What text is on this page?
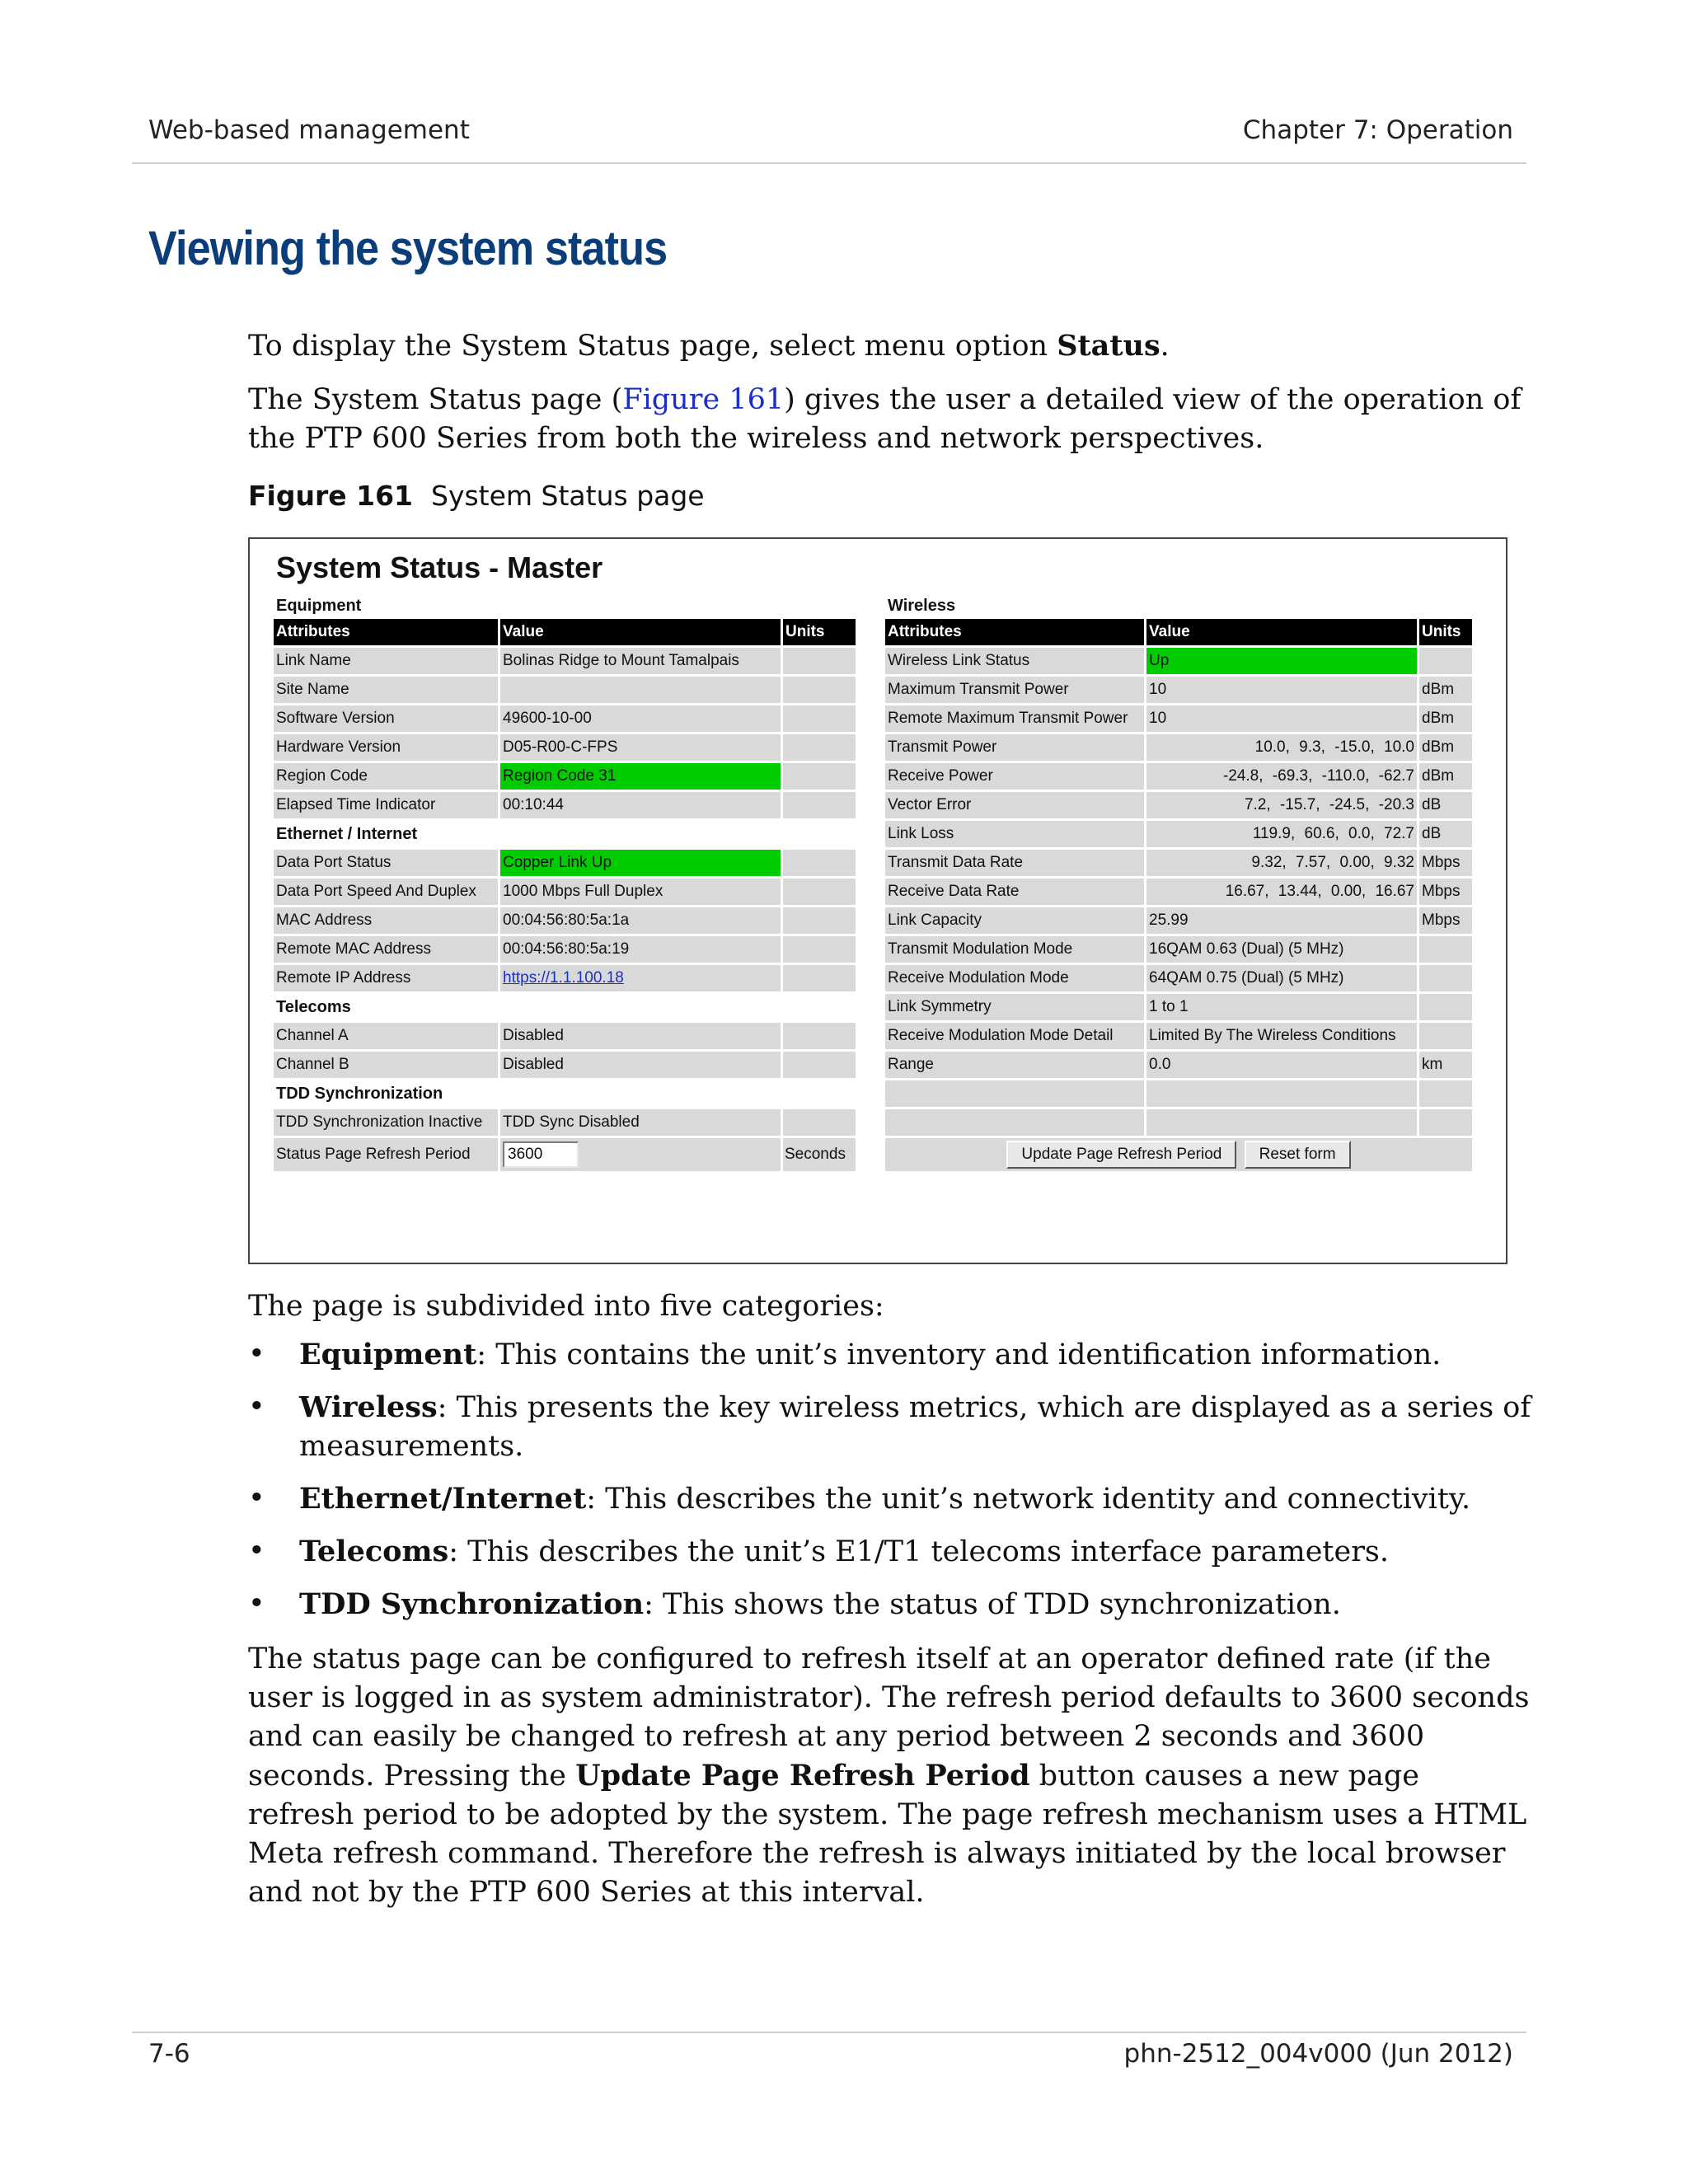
Web-based management	Chapter 7: Operation
Viewing the system status

To display the System Status page, select menu option Status.

The System Status page (Figure 161) gives the user a detailed view of the operation of the PTP 600 Series from both the wireless and network perspectives.

Figure 161 System Status page

System Status - Master
Equipment
Attributes	Value	Units
Link Name	Bolinas Ridge to Mount Tamalpais	
Site Name		
Software Version	49600-10-00	
Hardware Version	D05-R00-C-FPS	
Region Code	Region Code 31	
Elapsed Time Indicator	00:10:44	
Ethernet / Internet		
Data Port Status	Copper Link Up	
Data Port Speed And Duplex	1000 Mbps Full Duplex	
MAC Address	00:04:56:80:5a:1a	
Remote MAC Address	00:04:56:80:5a:19	
Remote IP Address	https://1.1.100.18	
Telecoms		
Channel A	Disabled	
Channel B	Disabled	
TDD Synchronization		
TDD Synchronization Inactive	TDD Sync Disabled	
Status Page Refresh Period	3600	Seconds
Wireless
Attributes	Value	Units
Wireless Link Status	Up	
Maximum Transmit Power	10	dBm
Remote Maximum Transmit Power	10	dBm
Transmit Power	10.0, 9.3, -15.0, 10.0	dBm
Receive Power	-24.8, -69.3, -110.0, -62.7	dBm
Vector Error	7.2, -15.7, -24.5, -20.3	dB
Link Loss	119.9, 60.6, 0.0, 72.7	dB
Transmit Data Rate	9.32, 7.57, 0.00, 9.32	Mbps
Receive Data Rate	16.67, 13.44, 0.00, 16.67	Mbps
Link Capacity	25.99	Mbps
Transmit Modulation Mode	16QAM 0.63 (Dual) (5 MHz)	
Receive Modulation Mode	64QAM 0.75 (Dual) (5 MHz)	
Link Symmetry	1 to 1	
Receive Modulation Mode Detail	Limited By The Wireless Conditions	
Range	0.0	km

Update Page Refresh Period Reset form		

The page is subdivided into five categories:

• Equipment: This contains the unit’s inventory and identification information.
• Wireless: This presents the key wireless metrics, which are displayed as a series of measurements.
• Ethernet/Internet: This describes the unit’s network identity and connectivity.
• Telecoms: This describes the unit’s E1/T1 telecoms interface parameters.
• TDD Synchronization: This shows the status of TDD synchronization.

The status page can be configured to refresh itself at an operator defined rate (if the user is logged in as system administrator). The refresh period defaults to 3600 seconds and can easily be changed to refresh at any period between 2 seconds and 3600 seconds. Pressing the Update Page Refresh Period button causes a new page refresh period to be adopted by the system. The page refresh mechanism uses a HTML Meta refresh command. Therefore the refresh is always initiated by the local browser and not by the PTP 600 Series at this interval.

7-6	phn-2512_004v000 (Jun 2012)
